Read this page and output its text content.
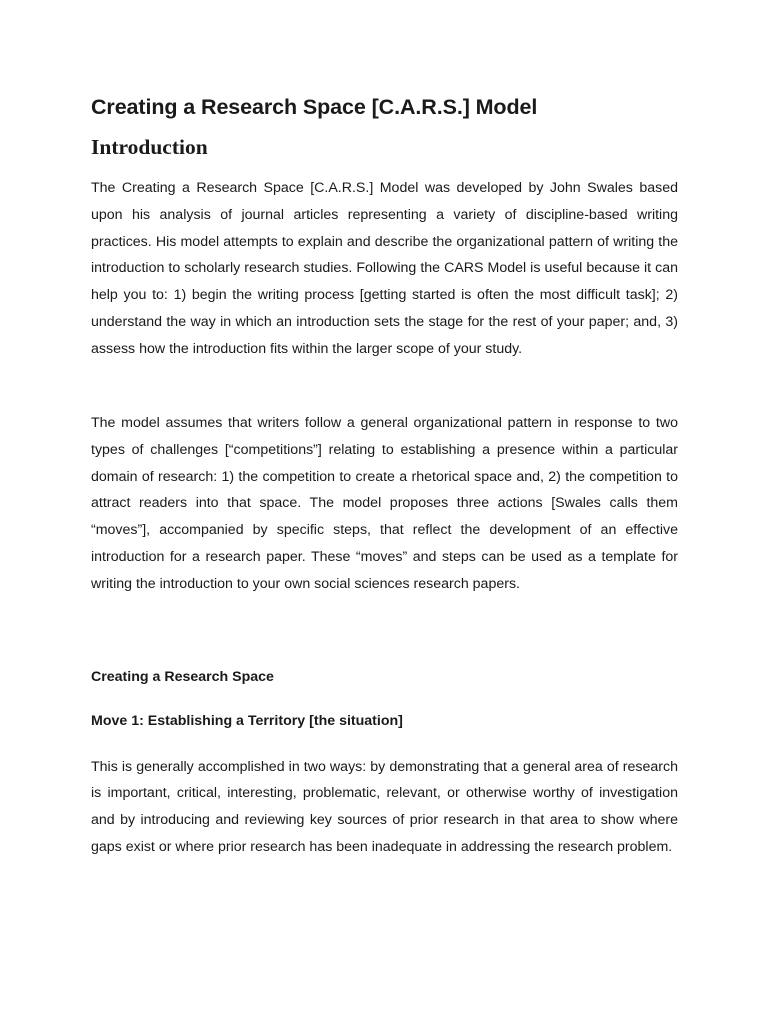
Creating a Research Space [C.A.R.S.] Model
Introduction

The Creating a Research Space [C.A.R.S.] Model was developed by John Swales based upon his analysis of journal articles representing a variety of discipline-based writing practices. His model attempts to explain and describe the organizational pattern of writing the introduction to scholarly research studies. Following the CARS Model is useful because it can help you to: 1) begin the writing process [getting started is often the most difficult task]; 2) understand the way in which an introduction sets the stage for the rest of your paper; and, 3) assess how the introduction fits within the larger scope of your study.

The model assumes that writers follow a general organizational pattern in response to two types of challenges [“competitions”] relating to establishing a presence within a particular domain of research: 1) the competition to create a rhetorical space and, 2) the competition to attract readers into that space. The model proposes three actions [Swales calls them “moves”], accompanied by specific steps, that reflect the development of an effective introduction for a research paper. These “moves” and steps can be used as a template for writing the introduction to your own social sciences research papers.

Creating a Research Space

Move 1: Establishing a Territory [the situation]

This is generally accomplished in two ways: by demonstrating that a general area of research is important, critical, interesting, problematic, relevant, or otherwise worthy of investigation and by introducing and reviewing key sources of prior research in that area to show where gaps exist or where prior research has been inadequate in addressing the research problem.
